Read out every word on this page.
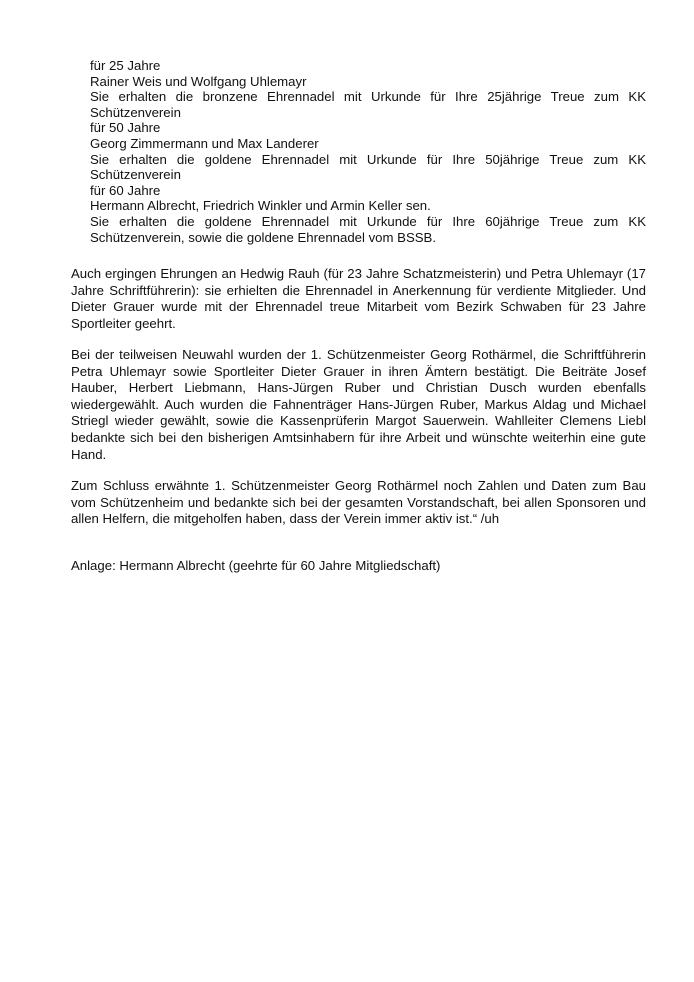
für 25 Jahre
Rainer Weis und Wolfgang Uhlemayr
Sie erhalten die bronzene Ehrennadel mit Urkunde für Ihre 25jährige Treue zum KK Schützenverein
für 50 Jahre
Georg Zimmermann und Max Landerer
Sie erhalten die goldene Ehrennadel mit Urkunde für Ihre 50jährige Treue zum KK Schützenverein
für 60 Jahre
Hermann Albrecht, Friedrich Winkler und Armin Keller sen.
Sie erhalten die goldene Ehrennadel mit Urkunde für Ihre 60jährige Treue zum KK Schützenverein, sowie die goldene Ehrennadel vom BSSB.

Auch ergingen Ehrungen an Hedwig Rauh (für 23 Jahre Schatzmeisterin) und Petra Uhlemayr (17 Jahre Schriftführerin): sie erhielten die Ehrennadel in Anerkennung für verdiente Mitglieder. Und Dieter Grauer wurde mit der Ehrennadel treue Mitarbeit vom Bezirk Schwaben für 23 Jahre Sportleiter geehrt.

Bei der teilweisen Neuwahl wurden der 1. Schützenmeister Georg Rothärmel, die Schriftführerin Petra Uhlemayr sowie Sportleiter Dieter Grauer in ihren Ämtern bestätigt. Die Beiträte Josef Hauber, Herbert Liebmann, Hans-Jürgen Ruber und Christian Dusch wurden ebenfalls wiedergewählt. Auch wurden die Fahnenträger Hans-Jürgen Ruber, Markus Aldag und Michael Striegl wieder gewählt, sowie die Kassenprüferin Margot Sauerwein. Wahlleiter Clemens Liebl bedankte sich bei den bisherigen Amtsinhabern für ihre Arbeit und wünschte weiterhin eine gute Hand.

Zum Schluss erwähnte 1. Schützenmeister Georg Rothärmel noch Zahlen und Daten zum Bau vom Schützenheim und bedankte sich bei der gesamten Vorstandschaft, bei allen Sponsoren und allen Helfern, die mitgeholfen haben, dass der Verein immer aktiv ist.“ /uh

Anlage: Hermann Albrecht (geehrte für 60 Jahre Mitgliedschaft)
